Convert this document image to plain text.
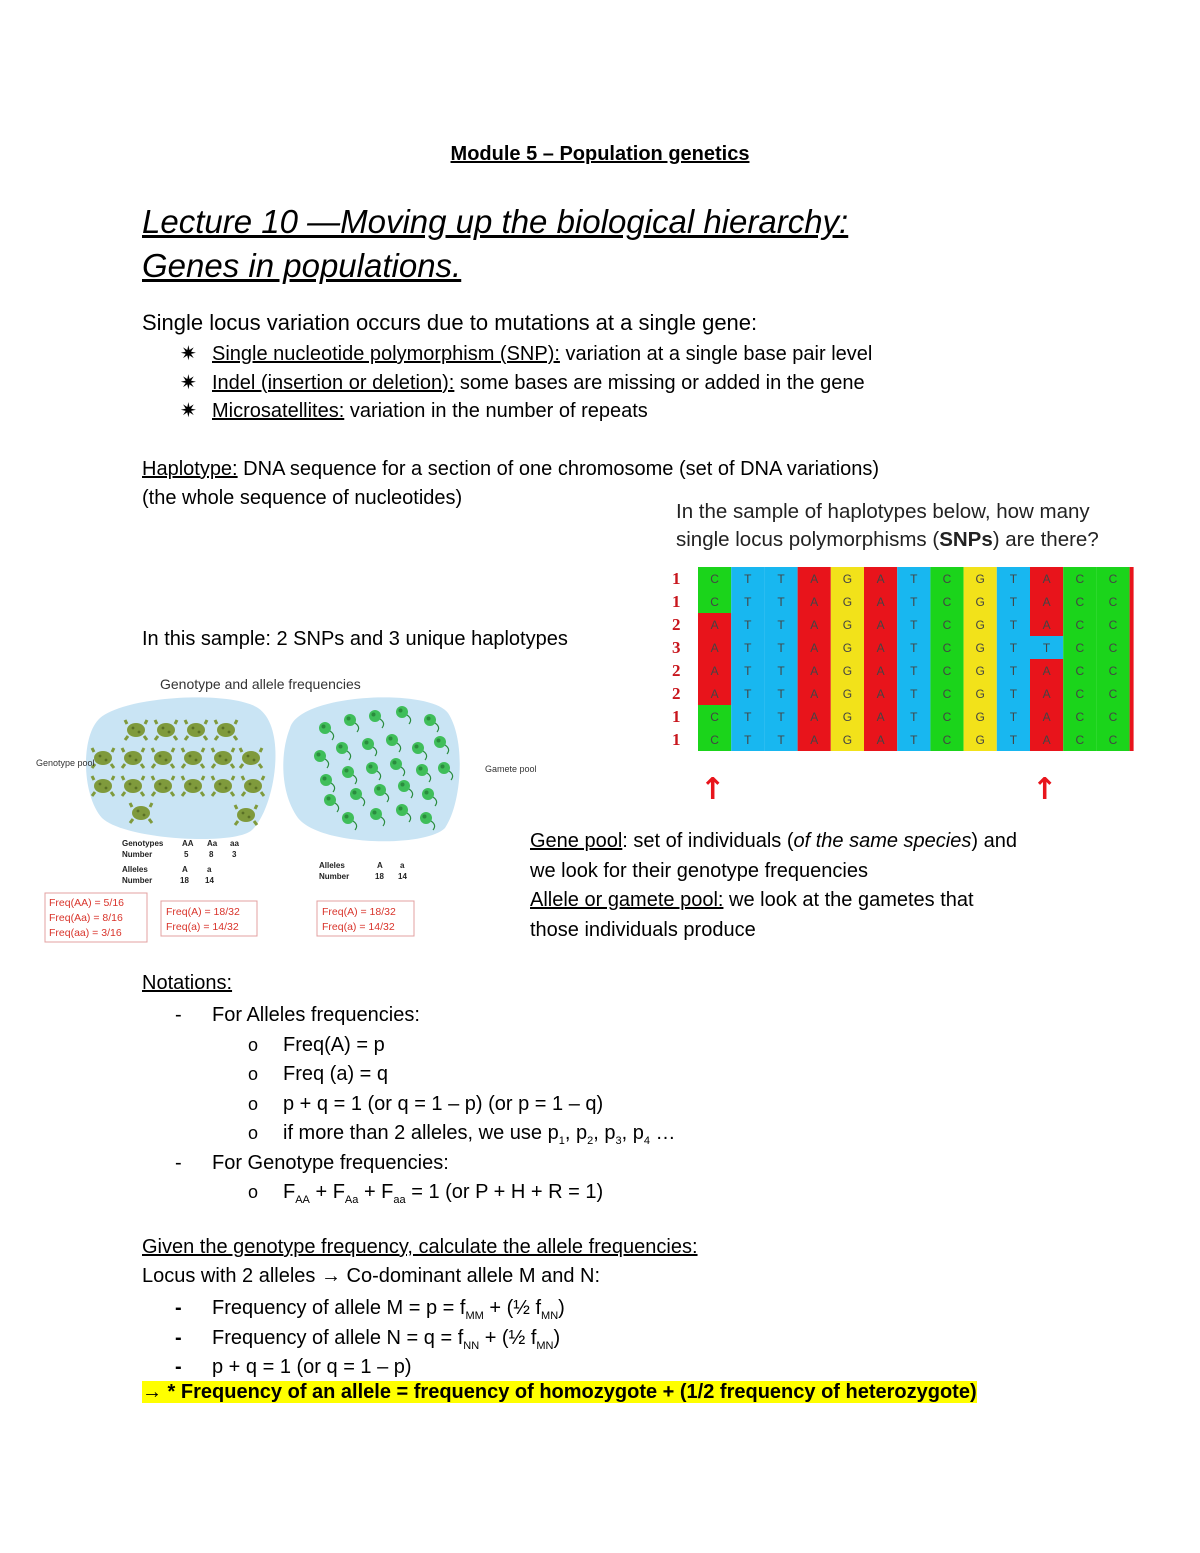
Module 5 – Population genetics
Lecture 10 —Moving up the biological hierarchy:
Genes in populations.
Single locus variation occurs due to mutations at a single gene:
✷ Single nucleotide polymorphism (SNP): variation at a single base pair level
✷ Indel (insertion or deletion): some bases are missing or added in the gene
✷ Microsatellites: variation in the number of repeats
Haplotype: DNA sequence for a section of one chromosome (set of DNA variations)
(the whole sequence of nucleotides)
In this sample: 2 SNPs and 3 unique haplotypes
In the sample of haplotypes below, how many
single locus polymorphisms (SNPs) are there?
1 C T T A G A T C G T A C C
1 C T T A G A T C G T A C C
2	A T T A G A T C G T A C C
3	A T T A G A T C G T T C C
2	A T T A G A T C G T A C C
2	A T T A G A T C G T A C C
1 C T T A G A T C G T A C C
1 C T T A G A T C G T A C C
↑	↑
Genotype and allele frequencies
Genotype pool
Gamete pool
Genotypes
Number
AA Aa aa
5	8 3
Alleles
Number
A a
18 14
Alleles
Number
A a
18 14
Freq(AA) = 5/16
Freq(Aa) = 8/16
Freq(aa) = 3/16
Freq(A) = 18/32
Freq(a) = 14/32
Freq(A) = 18/32
Freq(a) = 14/32
Gene pool: set of individuals (of the same species) and
we look for their genotype frequencies
Allele or gamete pool: we look at the gametes that
those individuals produce
Notations:
- For Alleles frequencies:
o Freq(A) = p
o Freq (a) = q
o p + q = 1 (or q = 1 – p) (or p = 1 – q)
o if more than 2 alleles, we use $p_1$, $p_2$, $p_3$, $p_4$ …
- For Genotype frequencies:
o $F_{AA} + F_{Aa} + F_{aa} = 1$ (or P + H + R = 1)
Given the genotype frequency, calculate the allele frequencies:
Locus with 2 alleles → Co-dominant allele M and N:
- Frequency of allele $M = p = f_{MM}$ + (½ $f_{MN}$)
- Frequency of allele $N = q = f_{NN}$ + (½ $f_{MN}$)
- p + q = 1 (or q = 1 – p)
→ * Frequency of an allele = frequency of homozygote + (1/2 frequency of heterozygote)
